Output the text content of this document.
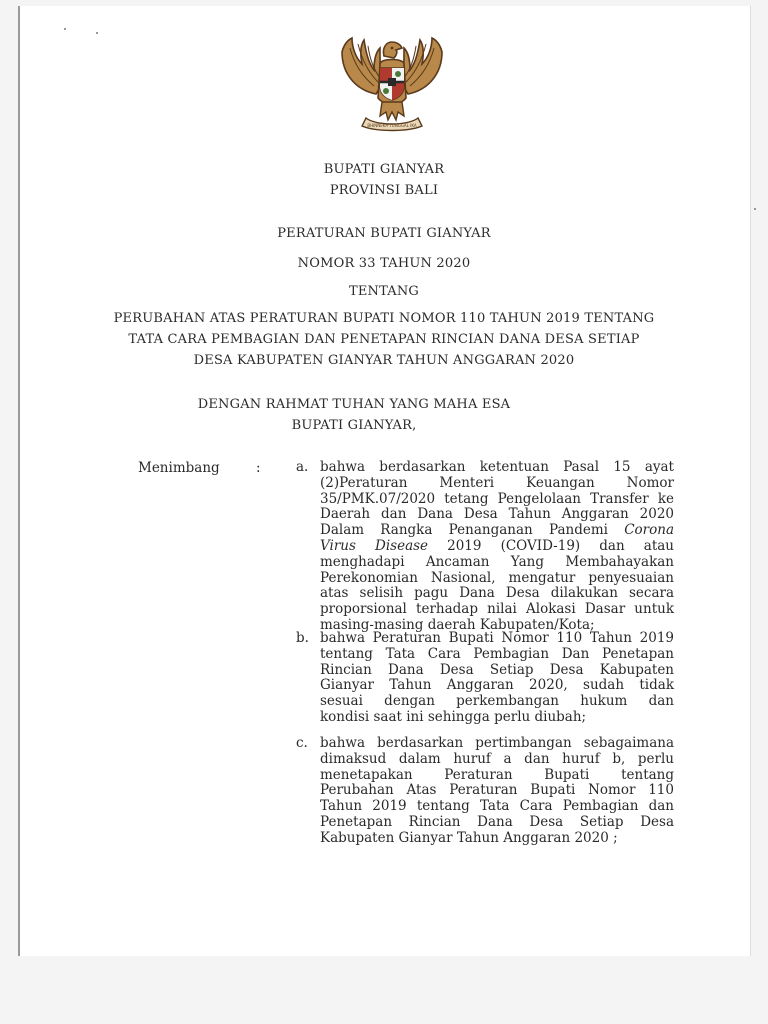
BHINNEKA TUNGGAL IKA
BUPATI GIANYAR
PROVINSI BALI
PERATURAN BUPATI GIANYAR
NOMOR 33 TAHUN 2020
TENTANG
PERUBAHAN ATAS PERATURAN BUPATI NOMOR 110 TAHUN 2019 TENTANG
TATA CARA PEMBAGIAN DAN PENETAPAN RINCIAN DANA DESA SETIAP
DESA KABUPATEN GIANYAR TAHUN ANGGARAN 2020
DENGAN RAHMAT TUHAN YANG MAHA ESA
BUPATI GIANYAR,
Menimbang	:	a. bahwa berdasarkan ketentuan Pasal 15 ayat
(2)Peraturan Menteri Keuangan Nomor
35/PMK.07/2020 tetang Pengelolaan Transfer ke
Daerah dan Dana Desa Tahun Anggaran 2020
Dalam Rangka Penanganan Pandemi Corona
Virus Disease 2019 (COVID-19) dan atau
menghadapi Ancaman Yang Membahayakan
Perekonomian Nasional, mengatur penyesuaian
atas selisih pagu Dana Desa dilakukan secara
proporsional terhadap nilai Alokasi Dasar untuk
masing-masing daerah Kabupaten/Kota;
b. bahwa Peraturan Bupati Nomor 110 Tahun 2019
tentang Tata Cara Pembagian Dan Penetapan
Rincian Dana Desa Setiap Desa Kabupaten
Gianyar Tahun Anggaran 2020, sudah tidak
sesuai dengan perkembangan hukum dan
kondisi saat ini sehingga perlu diubah;
c. bahwa berdasarkan pertimbangan sebagaimana
dimaksud dalam huruf a dan huruf b, perlu
menetapakan Peraturan Bupati tentang
Perubahan Atas Peraturan Bupati Nomor 110
Tahun 2019 tentang Tata Cara Pembagian dan
Penetapan Rincian Dana Desa Setiap Desa
Kabupaten Gianyar Tahun Anggaran 2020 ;
